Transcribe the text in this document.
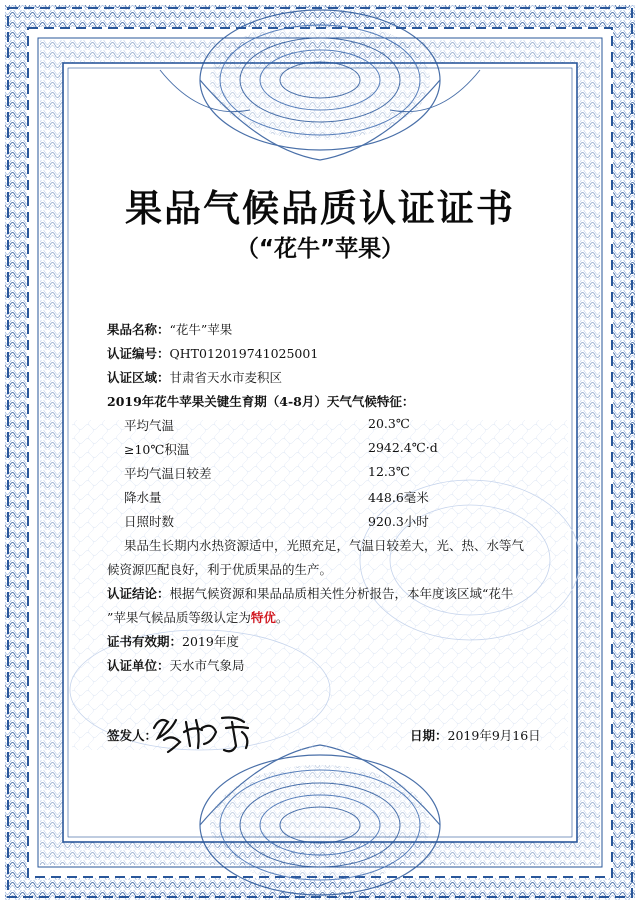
果品气候品质认证证书
（“花牛”苹果）
果品名称：“花牛”苹果
认证编号：QHT012019741025001
认证区域：甘肃省天水市麦积区
2019年花牛苹果关键生育期（4-8月）天气气候特征：
平均气温	20.3℃
≥10℃积温	2942.4℃·d
平均气温日较差	12.3℃
降水量	448.6毫米
日照时数	920.3小时
果品生长期内水热资源适中，光照充足，气温日较差大，光、热、水等气
候资源匹配良好，利于优质果品的生产。
认证结论：根据气候资源和果品品质相关性分析报告，本年度该区域“花牛
”苹果气候品质等级认定为特优。
证书有效期：2019年度
认证单位：天水市气象局
签发人：	日期：2019年9月16日
